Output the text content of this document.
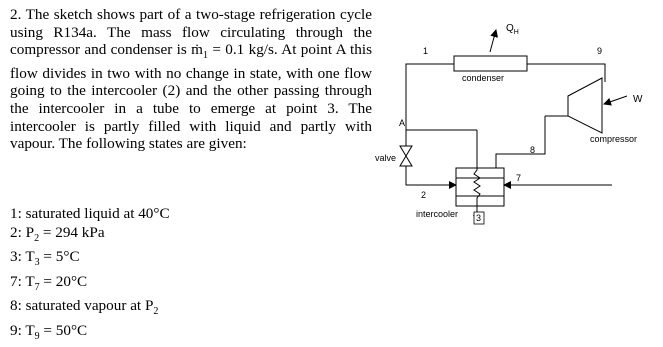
2. The sketch shows part of a two-stage refrigeration cycle using R134a. The mass flow circulating through the compressor and condenser is ṁ$_1$ = 0.1 kg/s. At point A this flow divides in two with no change in state, with one flow going to the intercooler (2) and the other passing through the intercooler in a tube to emerge at point 3. The intercooler is partly filled with liquid and partly with vapour. The following states are given:
1: saturated liquid at 40°C
2: $P_2 = 294$ kPa
3: $T_3 = 5^\circ C$
7: $T_7 = 20^\circ C$
8: saturated vapour at $P_2$
9: $T_9 = 50^\circ C$
condenser
$Q_H$
1	9
A
valve
2
intercooler 3
8
7
W
compressor
